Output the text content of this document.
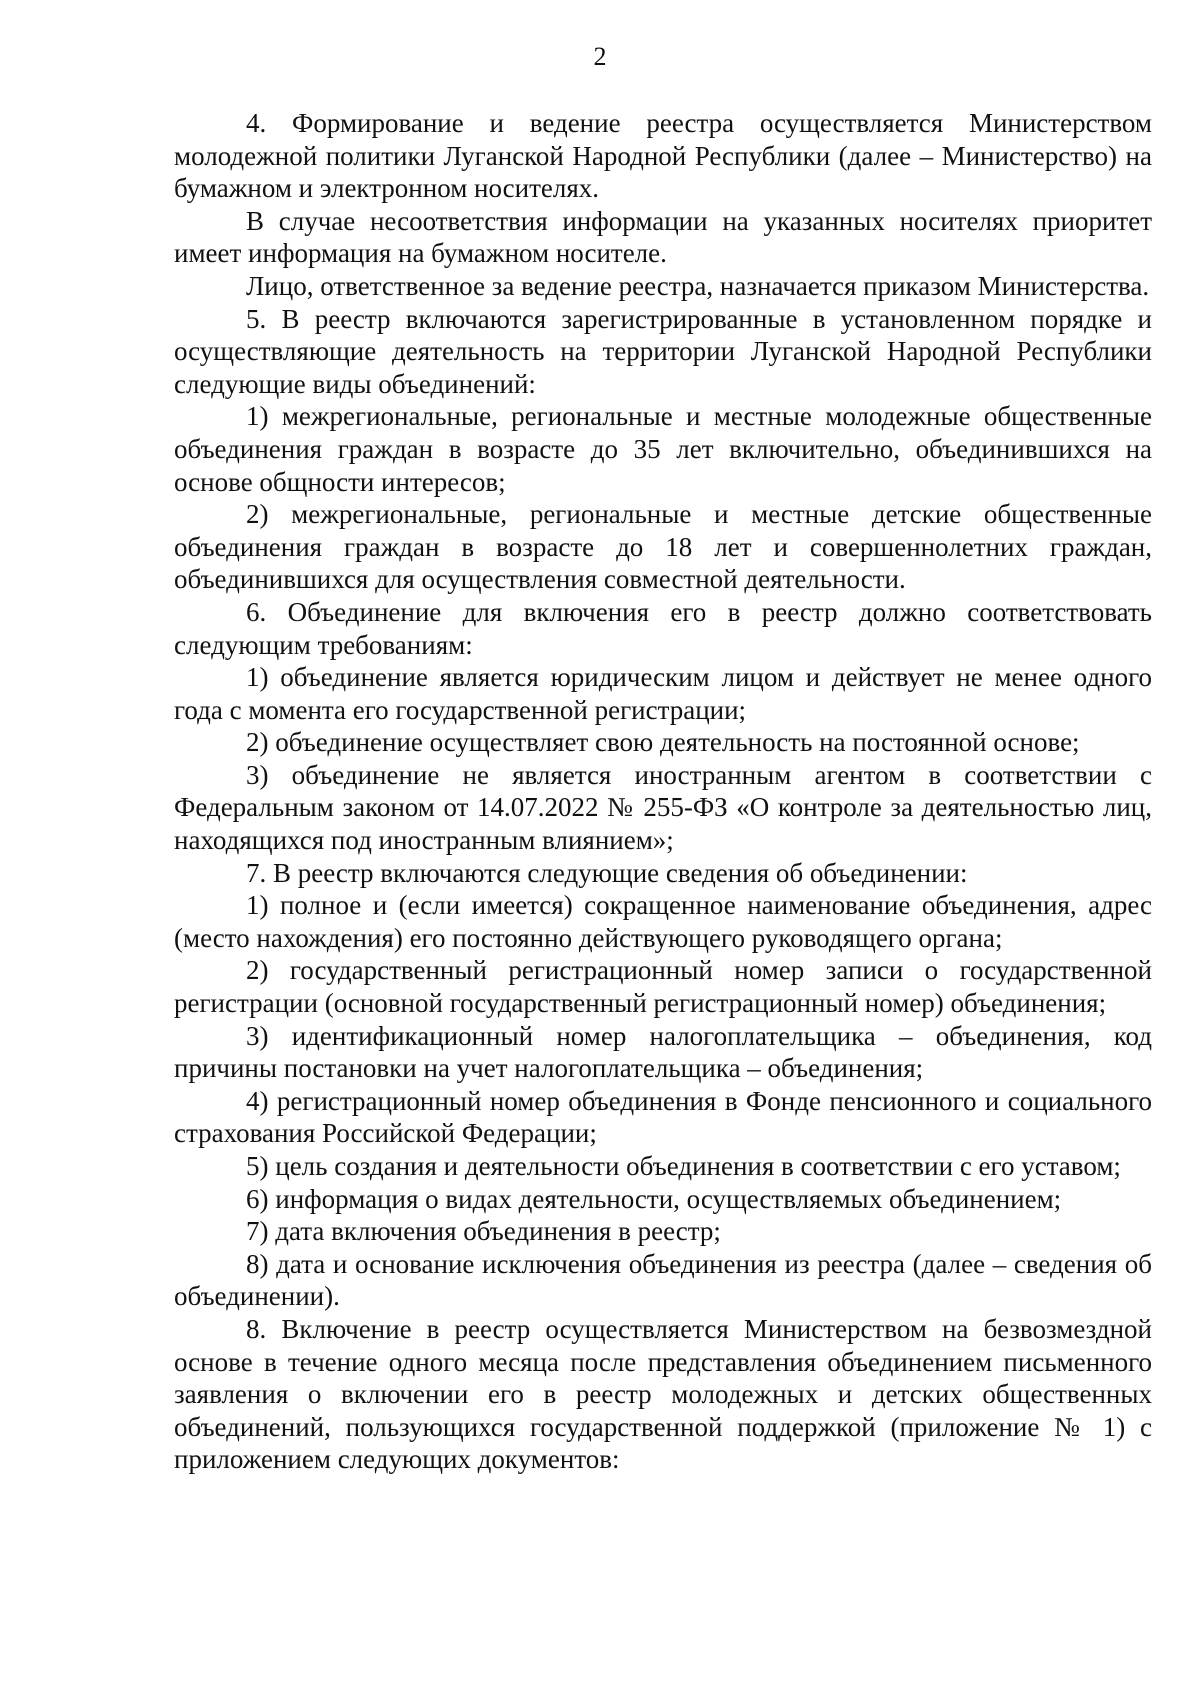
2

4. Формирование и ведение реестра осуществляется Министерством молодежной политики Луганской Народной Республики (далее – Министерство) на бумажном и электронном носителях.

В случае несоответствия информации на указанных носителях приоритет имеет информация на бумажном носителе.

Лицо, ответственное за ведение реестра, назначается приказом Министерства.

5. В реестр включаются зарегистрированные в установленном порядке и осуществляющие деятельность на территории Луганской Народной Республики следующие виды объединений:

1) межрегиональные, региональные и местные молодежные общественные объединения граждан в возрасте до 35 лет включительно, объединившихся на основе общности интересов;

2) межрегиональные, региональные и местные детские общественные объединения граждан в возрасте до 18 лет и совершеннолетних граждан, объединившихся для осуществления совместной деятельности.

6. Объединение для включения его в реестр должно соответствовать следующим требованиям:

1) объединение является юридическим лицом и действует не менее одного года с момента его государственной регистрации;

2) объединение осуществляет свою деятельность на постоянной основе;

3) объединение не является иностранным агентом в соответствии с Федеральным законом от 14.07.2022 № 255-ФЗ «О контроле за деятельностью лиц, находящихся под иностранным влиянием»;

7. В реестр включаются следующие сведения об объединении:

1) полное и (если имеется) сокращенное наименование объединения, адрес (место нахождения) его постоянно действующего руководящего органа;

2) государственный регистрационный номер записи о государственной регистрации (основной государственный регистрационный номер) объединения;

3) идентификационный номер налогоплательщика – объединения, код причины постановки на учет налогоплательщика – объединения;

4) регистрационный номер объединения в Фонде пенсионного и социального страхования Российской Федерации;

5) цель создания и деятельности объединения в соответствии с его уставом;

6) информация о видах деятельности, осуществляемых объединением;

7) дата включения объединения в реестр;

8) дата и основание исключения объединения из реестра (далее – сведения об объединении).

8. Включение в реестр осуществляется Министерством на безвозмездной основе в течение одного месяца после представления объединением письменного заявления о включении его в реестр молодежных и детских общественных объединений, пользующихся государственной поддержкой (приложение № 1) с приложением следующих документов:
